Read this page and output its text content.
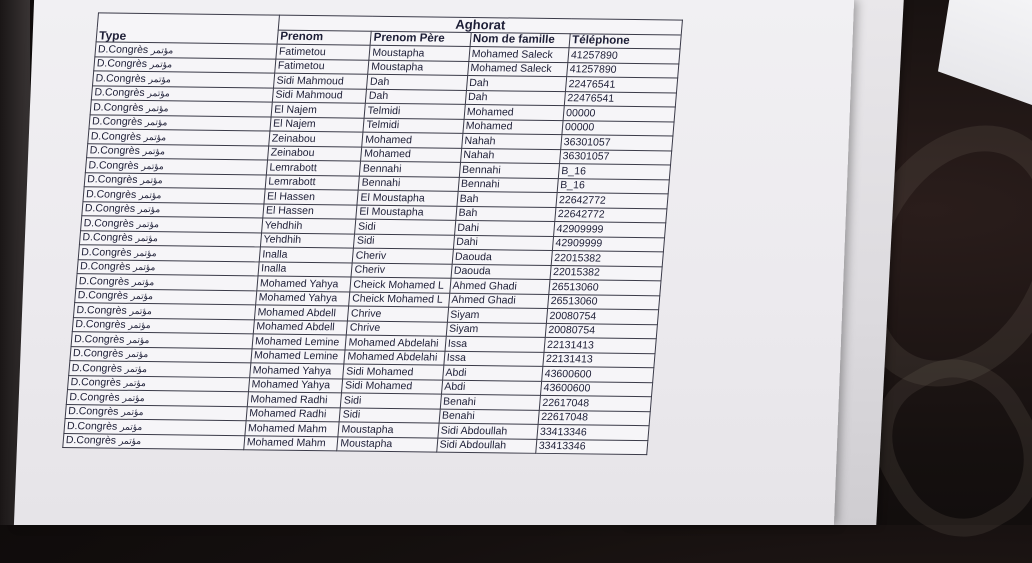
Type	Aghorat			
	Prenom	Prenom Père	Nom de famille	Téléphone
D.Congrès مؤتمر	Fatimetou	Moustapha	Mohamed Saleck	41257890
D.Congrès مؤتمر	Fatimetou	Moustapha	Mohamed Saleck	41257890
D.Congrès مؤتمر	Sidi Mahmoud	Dah	Dah	22476541
D.Congrès مؤتمر	Sidi Mahmoud	Dah	Dah	22476541
D.Congrès مؤتمر	El Najem	Telmidi	Mohamed	00000
D.Congrès مؤتمر	El Najem	Telmidi	Mohamed	00000
D.Congrès مؤتمر	Zeinabou	Mohamed	Nahah	36301057
D.Congrès مؤتمر	Zeinabou	Mohamed	Nahah	36301057
D.Congrès مؤتمر	Lemrabott	Bennahi	Bennahi	B_16
D.Congrès مؤتمر	Lemrabott	Bennahi	Bennahi	B_16
D.Congrès مؤتمر	El Hassen	El Moustapha	Bah	22642772
D.Congrès مؤتمر	El Hassen	El Moustapha	Bah	22642772
D.Congrès مؤتمر	Yehdhih	Sidi	Dahi	42909999
D.Congrès مؤتمر	Yehdhih	Sidi	Dahi	42909999
D.Congrès مؤتمر	Inalla	Cheriv	Daouda	22015382
D.Congrès مؤتمر	Inalla	Cheriv	Daouda	22015382
D.Congrès مؤتمر	Mohamed Yahya	Cheick Mohamed L	Ahmed Ghadi	26513060
D.Congrès مؤتمر	Mohamed Yahya	Cheick Mohamed L	Ahmed Ghadi	26513060
D.Congrès مؤتمر	Mohamed Abdell	Chrive	Siyam	20080754
D.Congrès مؤتمر	Mohamed Abdell	Chrive	Siyam	20080754
D.Congrès مؤتمر	Mohamed Lemine	Mohamed Abdelahi	Issa	22131413
D.Congrès مؤتمر	Mohamed Lemine	Mohamed Abdelahi	Issa	22131413
D.Congrès مؤتمر	Mohamed Yahya	Sidi Mohamed	Abdi	43600600
D.Congrès مؤتمر	Mohamed Yahya	Sidi Mohamed	Abdi	43600600
D.Congrès مؤتمر	Mohamed Radhi	Sidi	Benahi	22617048
D.Congrès مؤتمر	Mohamed Radhi	Sidi	Benahi	22617048
D.Congrès مؤتمر	Mohamed Mahm	Moustapha	Sidi Abdoullah	33413346
D.Congrès مؤتمر	Mohamed Mahm	Moustapha	Sidi Abdoullah	33413346
